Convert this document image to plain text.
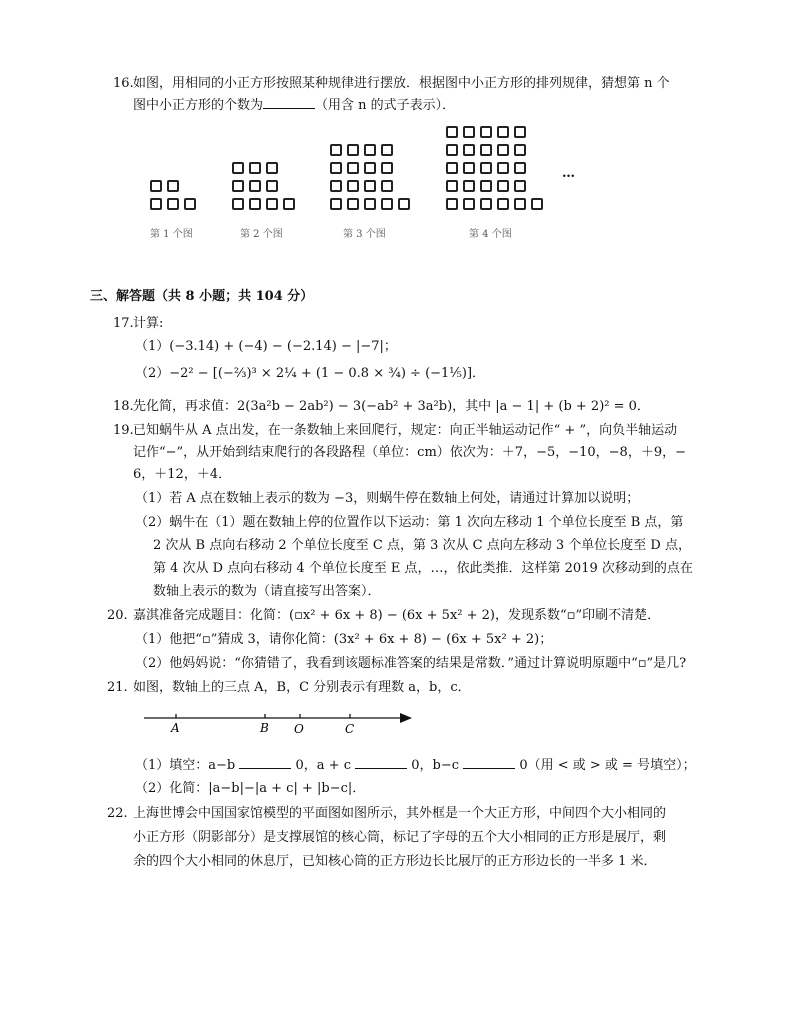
16. 如图，用相同的小正方形按照某种规律进行摆放．根据图中小正方形的排列规律，猜想第 n 个
图中小正方形的个数为	（用含 n 的式子表示）．
…
第 1 个图	第 2 个图	第 3 个图	第 4 个图
三、解答题（共 8 小题；共 104 分）
17. 计算:
（1）(−3.14) + (−4) − (−2.14) − |−7|；
（2）−2² − [(−⅔)³ × 2¼ + (1 − 0.8 × ¾) ÷ (−1⅕)]．
18. 先化简，再求值：2(3a²b − 2ab²) − 3(−ab² + 3a²b)，其中 |a − 1| + (b + 2)² = 0．
19. 已知蜗牛从 A 点出发，在一条数轴上来回爬行，规定：向正半轴运动记作“ + ”，向负半轴运动
记作“−”，从开始到结束爬行的各段路程（单位：cm）依次为：＋7，−5，−10，−8，＋9，−
6，＋12，＋4．
（1）若 A 点在数轴上表示的数为 −3，则蜗牛停在数轴上何处，请通过计算加以说明；
（2）蜗牛在（1）题在数轴上停的位置作以下运动：第 1 次向左移动 1 个单位长度至 B 点，第
2 次从 B 点向右移动 2 个单位长度至 C 点，第 3 次从 C 点向左移动 3 个单位长度至 D 点，
第 4 次从 D 点向右移动 4 个单位长度至 E 点，…，依此类推．这样第 2019 次移动到的点在
数轴上表示的数为（请直接写出答案）．
20. 嘉淇准备完成题目：化简：(▫x² + 6x + 8) − (6x + 5x² + 2)，发现系数“▫”印刷不清楚．
（1）他把“▫”猜成 3，请你化简：(3x² + 6x + 8) − (6x + 5x² + 2)；
（2）他妈妈说：“你猜错了，我看到该题标准答案的结果是常数．”通过计算说明原题中“▫”是几?
21. 如图，数轴上的三点 A，B，C 分别表示有理数 a，b，c．
A	B O	C
（1）填空：a−b	0，a + c	0，b−c	0（用 < 或 > 或 = 号填空）；
（2）化简：|a−b|−|a + c| + |b−c|．
22. 上海世博会中国国家馆模型的平面图如图所示，其外框是一个大正方形，中间四个大小相同的
小正方形（阴影部分）是支撑展馆的核心筒，标记了字母的五个大小相同的正方形是展厅，剩
余的四个大小相同的休息厅，已知核心筒的正方形边长比展厅的正方形边长的一半多 1 米．
